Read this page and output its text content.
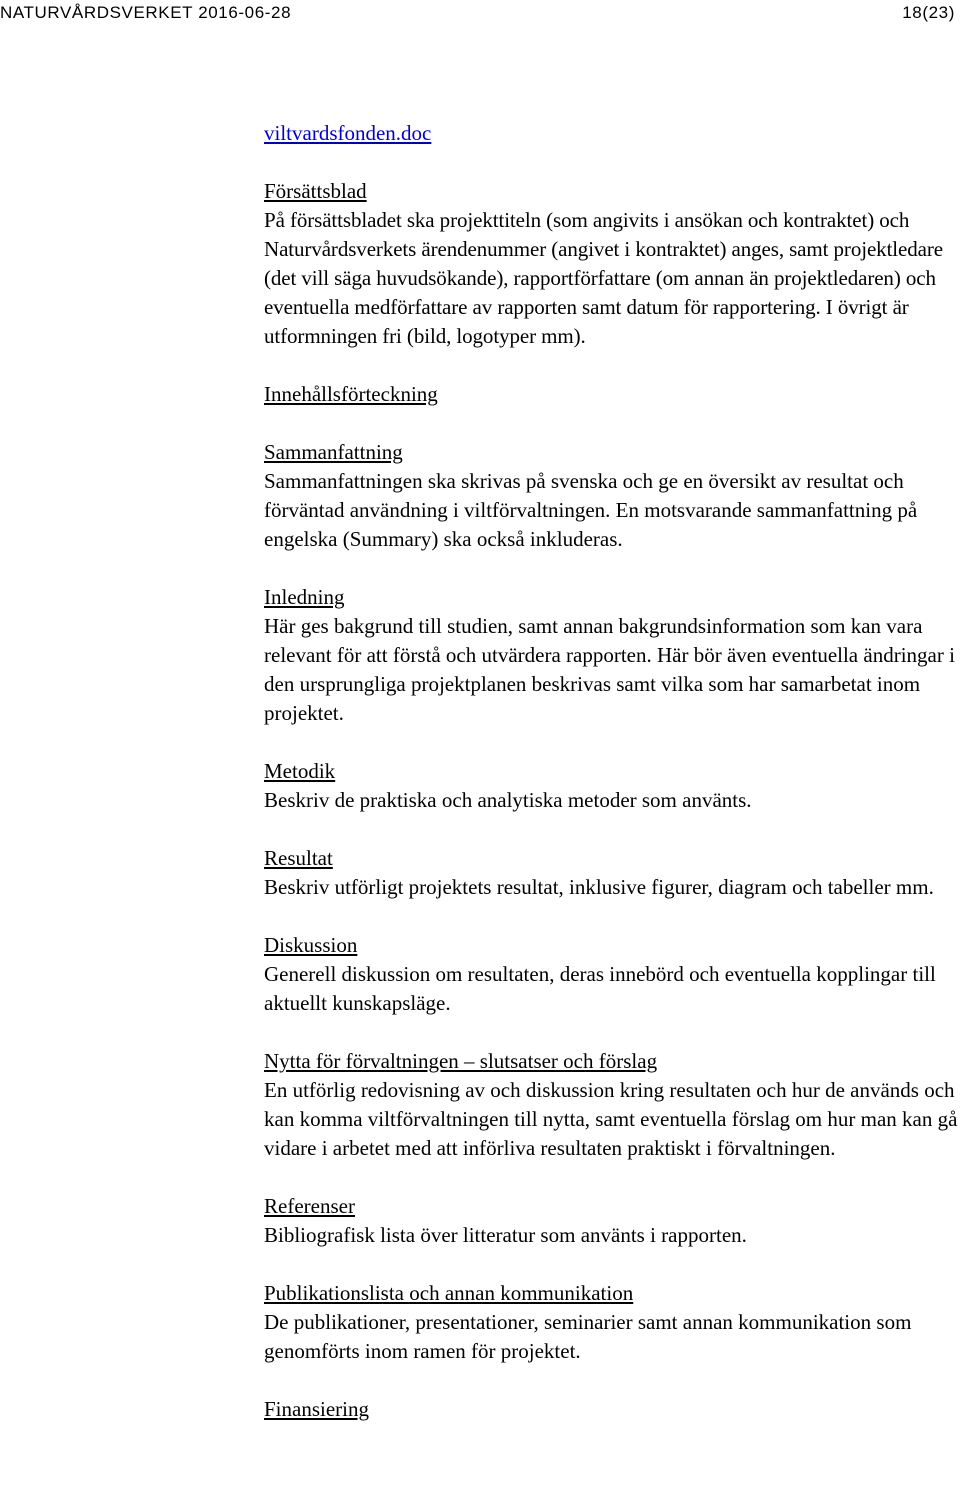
NATURVÅRDSVERKET 2016-06-28	18(23)
viltvardsfonden.doc
Försättsblad
På försättsbladet ska projekttiteln (som angivits i ansökan och kontraktet) och Naturvårdsverkets ärendenummer (angivet i kontraktet) anges, samt projektledare (det vill säga huvudsökande), rapportförfattare (om annan än projektledaren) och eventuella medförfattare av rapporten samt datum för rapportering. I övrigt är utformningen fri (bild, logotyper mm).
Innehållsförteckning
Sammanfattning
Sammanfattningen ska skrivas på svenska och ge en översikt av resultat och förväntad användning i viltförvaltningen. En motsvarande sammanfattning på engelska (Summary) ska också inkluderas.
Inledning
Här ges bakgrund till studien, samt annan bakgrundsinformation som kan vara relevant för att förstå och utvärdera rapporten. Här bör även eventuella ändringar i den ursprungliga projektplanen beskrivas samt vilka som har samarbetat inom projektet.
Metodik
Beskriv de praktiska och analytiska metoder som använts.
Resultat
Beskriv utförligt projektets resultat, inklusive figurer, diagram och tabeller mm.
Diskussion
Generell diskussion om resultaten, deras innebörd och eventuella kopplingar till aktuellt kunskapsläge.
Nytta för förvaltningen – slutsatser och förslag
En utförlig redovisning av och diskussion kring resultaten och hur de används och kan komma viltförvaltningen till nytta, samt eventuella förslag om hur man kan gå vidare i arbetet med att införliva resultaten praktiskt i förvaltningen.
Referenser
Bibliografisk lista över litteratur som använts i rapporten.
Publikationslista och annan kommunikation
De publikationer, presentationer, seminarier samt annan kommunikation som genomförts inom ramen för projektet.
Finansiering
